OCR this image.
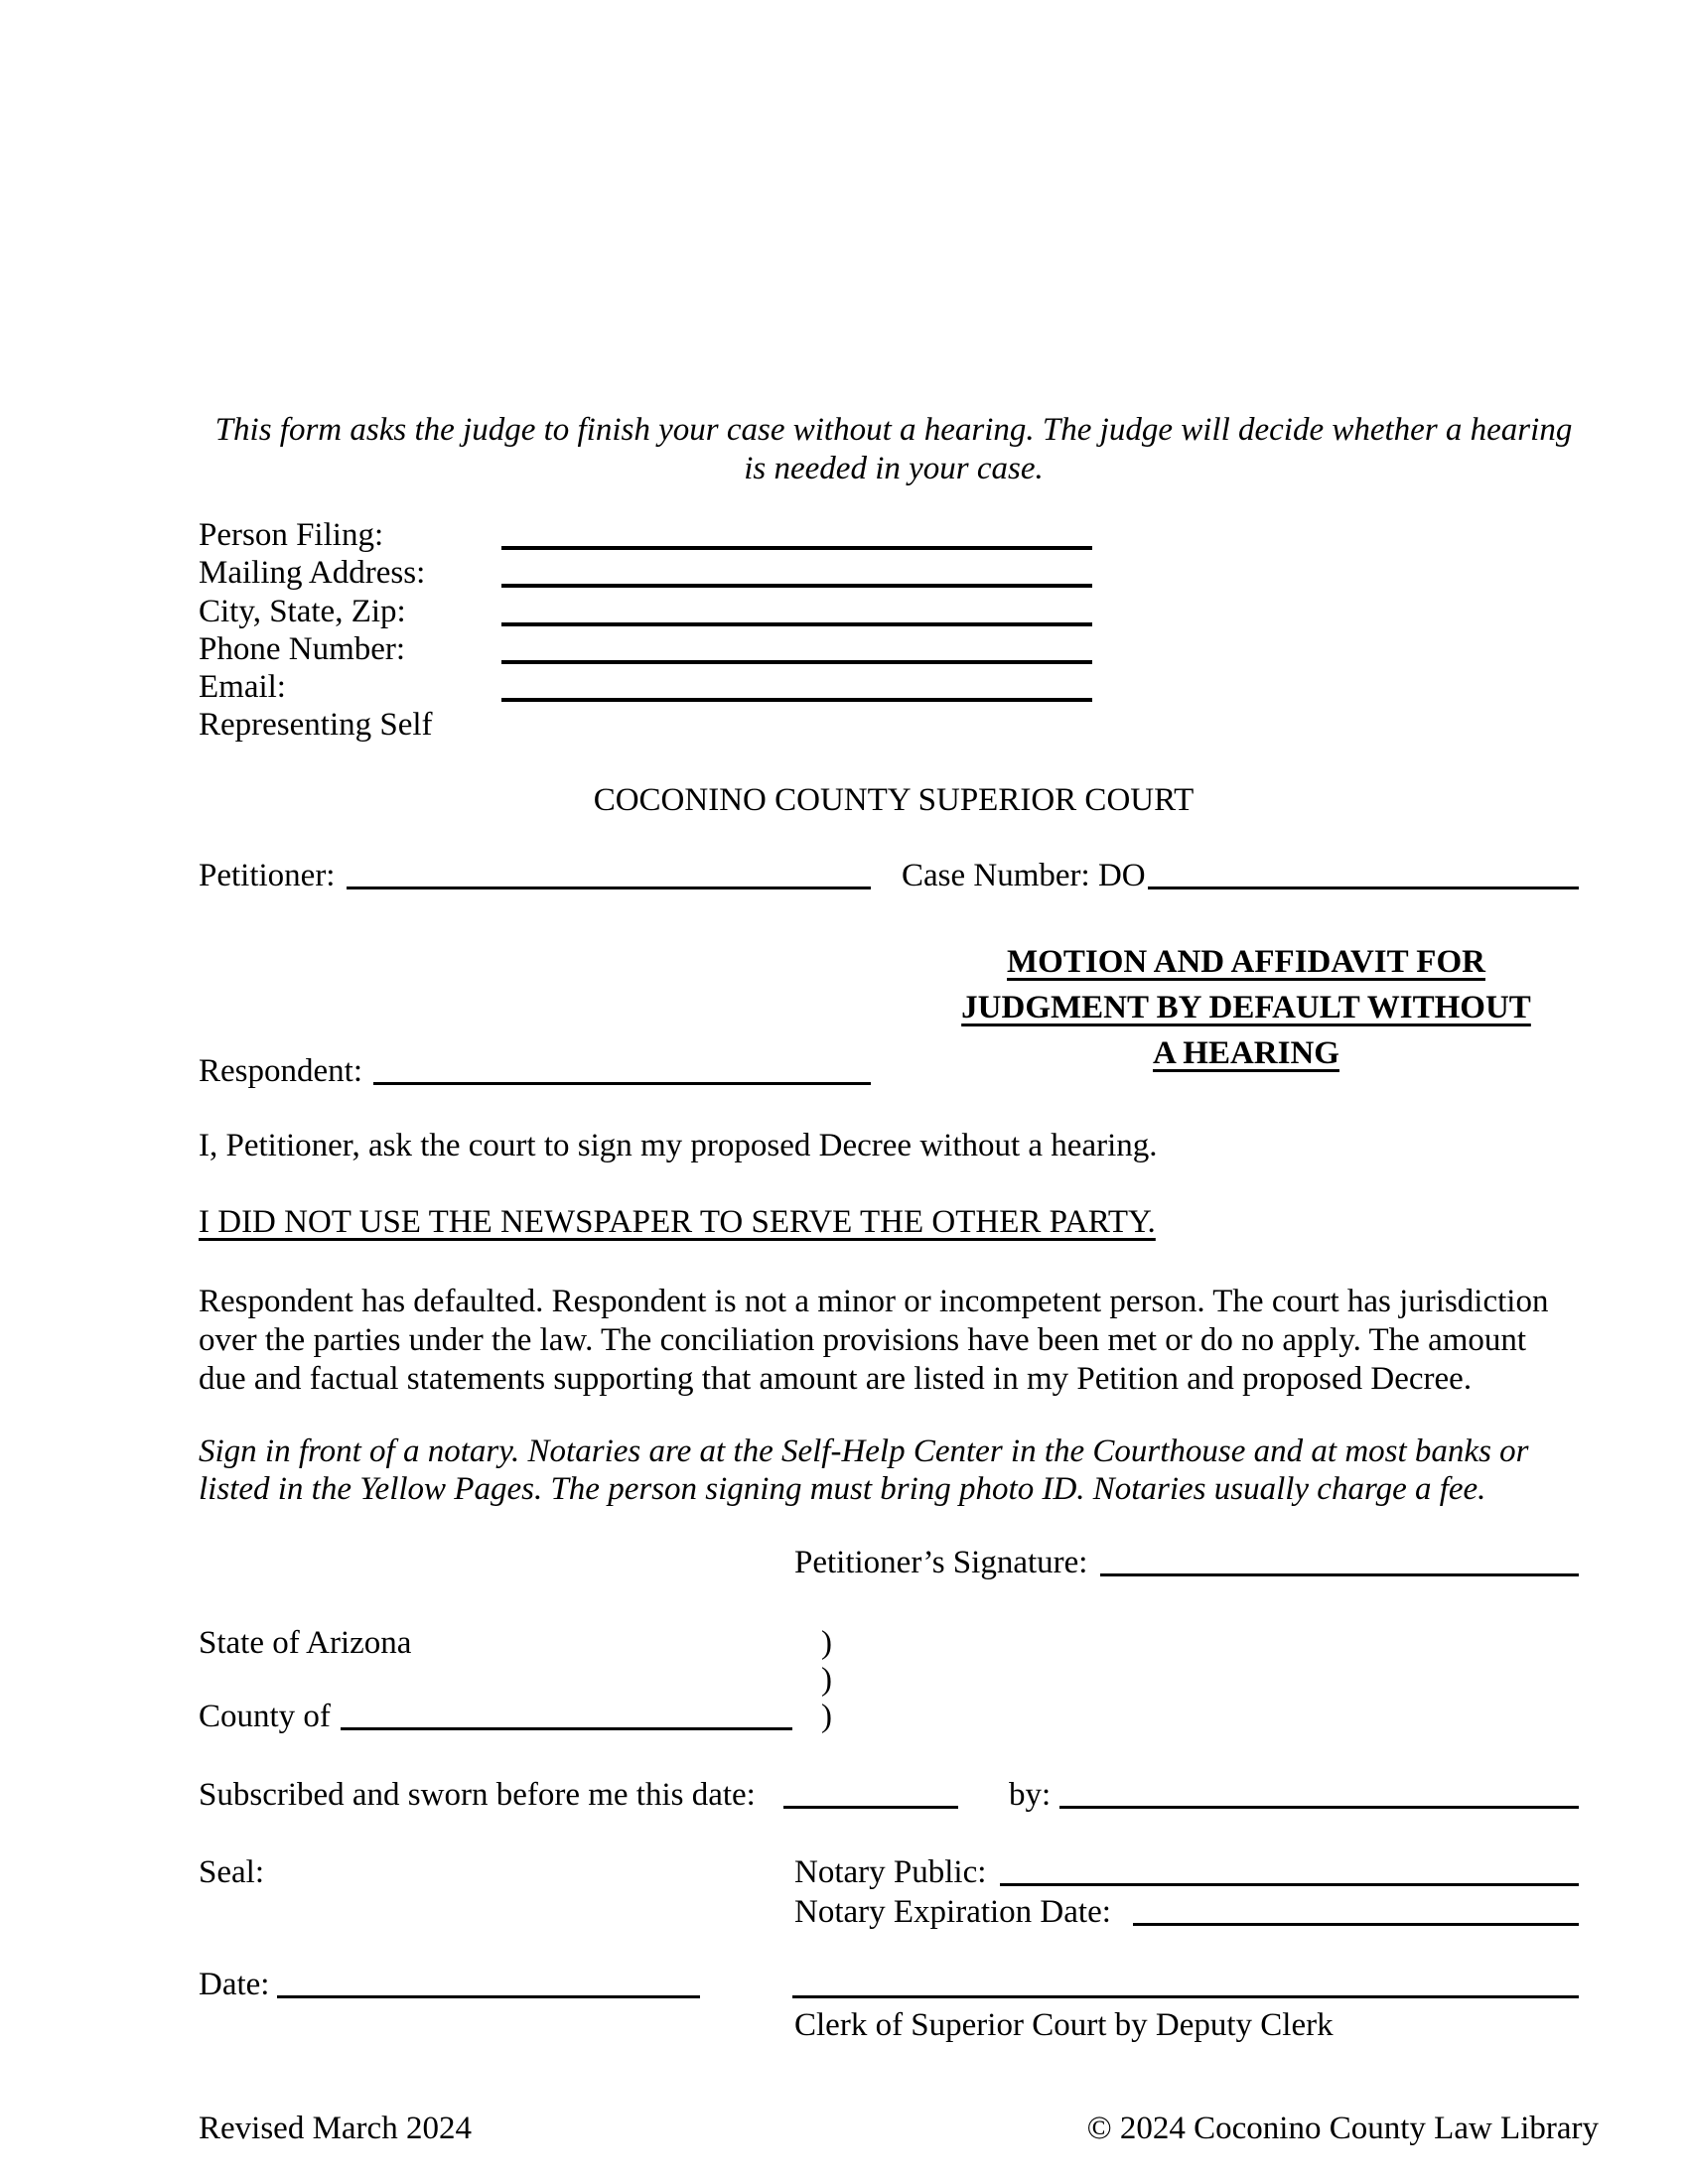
This form asks the judge to finish your case without a hearing. The judge will decide whether a hearing
is needed in your case.
Person Filing:
Mailing Address:
City, State, Zip:
Phone Number:
Email:
Representing Self
COCONINO COUNTY SUPERIOR COURT
Petitioner:	Case Number: DO
MOTION AND AFFIDAVIT FOR
JUDGMENT BY DEFAULT WITHOUT
A HEARING
Respondent:
I, Petitioner, ask the court to sign my proposed Decree without a hearing.
I DID NOT USE THE NEWSPAPER TO SERVE THE OTHER PARTY.
Respondent has defaulted. Respondent is not a minor or incompetent person. The court has jurisdiction
over the parties under the law. The conciliation provisions have been met or do no apply. The amount
due and factual statements supporting that amount are listed in my Petition and proposed Decree.
Sign in front of a notary. Notaries are at the Self-Help Center in the Courthouse and at most banks or
listed in the Yellow Pages. The person signing must bring photo ID. Notaries usually charge a fee.
Petitioner’s Signature:
State of Arizona	)
)
County of	)
Subscribed and sworn before me this date:	by:
Seal:	Notary Public:
Notary Expiration Date:
Date:
Clerk of Superior Court by Deputy Clerk
Revised March 2024	© 2024 Coconino County Law Library
